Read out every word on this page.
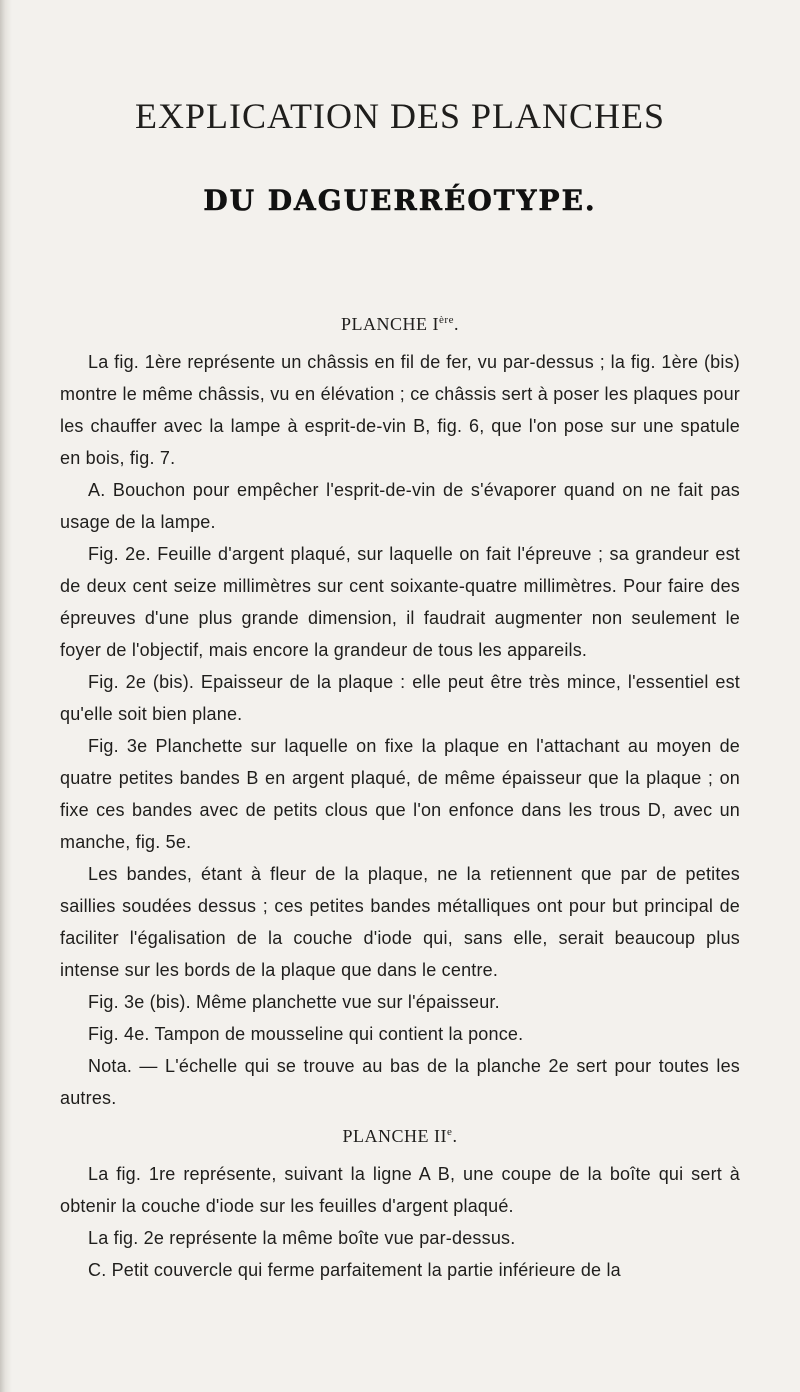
EXPLICATION DES PLANCHES
DU DAGUERRÉOTYPE.
PLANCHE Ière.

La fig. 1ère représente un châssis en fil de fer, vu par-dessus ; la fig. 1ère (bis) montre le même châssis, vu en élévation ; ce châssis sert à poser les plaques pour les chauffer avec la lampe à esprit-de-vin B, fig. 6, que l'on pose sur une spatule en bois, fig. 7.

A. Bouchon pour empêcher l'esprit-de-vin de s'évaporer quand on ne fait pas usage de la lampe.

Fig. 2e. Feuille d'argent plaqué, sur laquelle on fait l'épreuve ; sa grandeur est de deux cent seize millimètres sur cent soixante-quatre millimètres. Pour faire des épreuves d'une plus grande dimension, il faudrait augmenter non seulement le foyer de l'objectif, mais encore la grandeur de tous les appareils.

Fig. 2e (bis). Epaisseur de la plaque : elle peut être très mince, l'essentiel est qu'elle soit bien plane.

Fig. 3e Planchette sur laquelle on fixe la plaque en l'attachant au moyen de quatre petites bandes B en argent plaqué, de même épaisseur que la plaque ; on fixe ces bandes avec de petits clous que l'on enfonce dans les trous D, avec un manche, fig. 5e.

Les bandes, étant à fleur de la plaque, ne la retiennent que par de petites saillies soudées dessus ; ces petites bandes métalliques ont pour but principal de faciliter l'égalisation de la couche d'iode qui, sans elle, serait beaucoup plus intense sur les bords de la plaque que dans le centre.

Fig. 3e (bis). Même planchette vue sur l'épaisseur.

Fig. 4e. Tampon de mousseline qui contient la ponce.

Nota. — L'échelle qui se trouve au bas de la planche 2e sert pour toutes les autres.

PLANCHE IIe.

La fig. 1re représente, suivant la ligne A B, une coupe de la boîte qui sert à obtenir la couche d'iode sur les feuilles d'argent plaqué.

La fig. 2e représente la même boîte vue par-dessus.

C. Petit couvercle qui ferme parfaitement la partie inférieure de la
